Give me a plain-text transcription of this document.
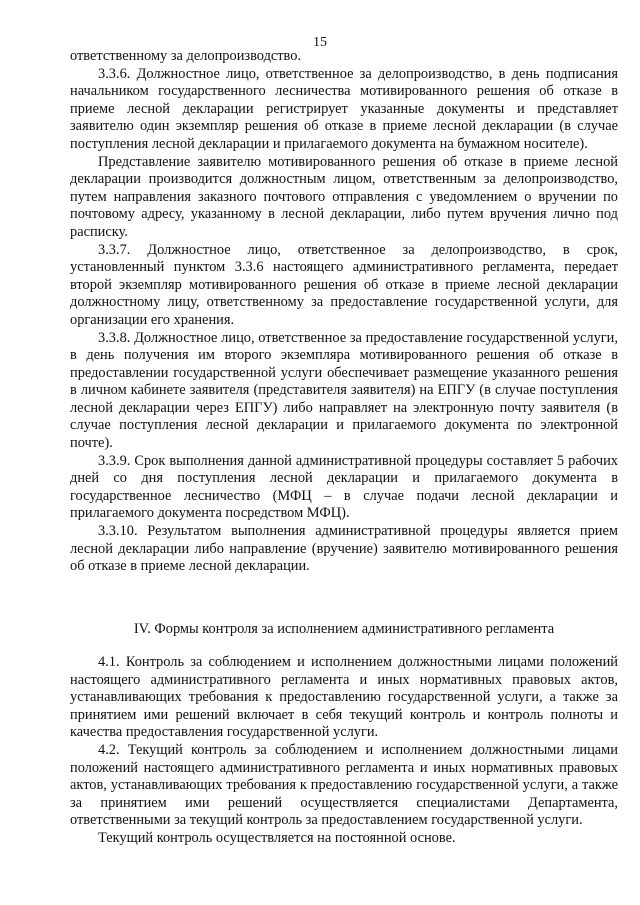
15

ответственному за делопроизводство.

3.3.6. Должностное лицо, ответственное за делопроизводство, в день подписания начальником государственного лесничества мотивированного решения об отказе в приеме лесной декларации регистрирует указанные документы и представляет заявителю один экземпляр решения об отказе в приеме лесной декларации (в случае поступления лесной декларации и прилагаемого документа на бумажном носителе).

Представление заявителю мотивированного решения об отказе в приеме лесной декларации производится должностным лицом, ответственным за делопроизводство, путем направления заказного почтового отправления с уведомлением о вручении по почтовому адресу, указанному в лесной декларации, либо путем вручения лично под расписку.

3.3.7. Должностное лицо, ответственное за делопроизводство, в срок, установленный пунктом 3.3.6 настоящего административного регламента, передает второй экземпляр мотивированного решения об отказе в приеме лесной декларации должностному лицу, ответственному за предоставление государственной услуги, для организации его хранения.

3.3.8. Должностное лицо, ответственное за предоставление государственной услуги, в день получения им второго экземпляра мотивированного решения об отказе в предоставлении государственной услуги обеспечивает размещение указанного решения в личном кабинете заявителя (представителя заявителя) на ЕПГУ (в случае поступления лесной декларации через ЕПГУ) либо направляет на электронную почту заявителя (в случае поступления лесной декларации и прилагаемого документа по электронной почте).

3.3.9. Срок выполнения данной административной процедуры составляет 5 рабочих дней со дня поступления лесной декларации и прилагаемого документа в государственное лесничество (МФЦ – в случае подачи лесной декларации и прилагаемого документа посредством МФЦ).

3.3.10. Результатом выполнения административной процедуры является прием лесной декларации либо направление (вручение) заявителю мотивированного решения об отказе в приеме лесной декларации.

IV. Формы контроля за исполнением административного регламента

4.1. Контроль за соблюдением и исполнением должностными лицами положений настоящего административного регламента и иных нормативных правовых актов, устанавливающих требования к предоставлению государственной услуги, а также за принятием ими решений включает в себя текущий контроль и контроль полноты и качества предоставления государственной услуги.

4.2. Текущий контроль за соблюдением и исполнением должностными лицами положений настоящего административного регламента и иных нормативных правовых актов, устанавливающих требования к предоставлению государственной услуги, а также за принятием ими решений осуществляется специалистами Департамента, ответственными за текущий контроль за предоставлением государственной услуги.

Текущий контроль осуществляется на постоянной основе.
